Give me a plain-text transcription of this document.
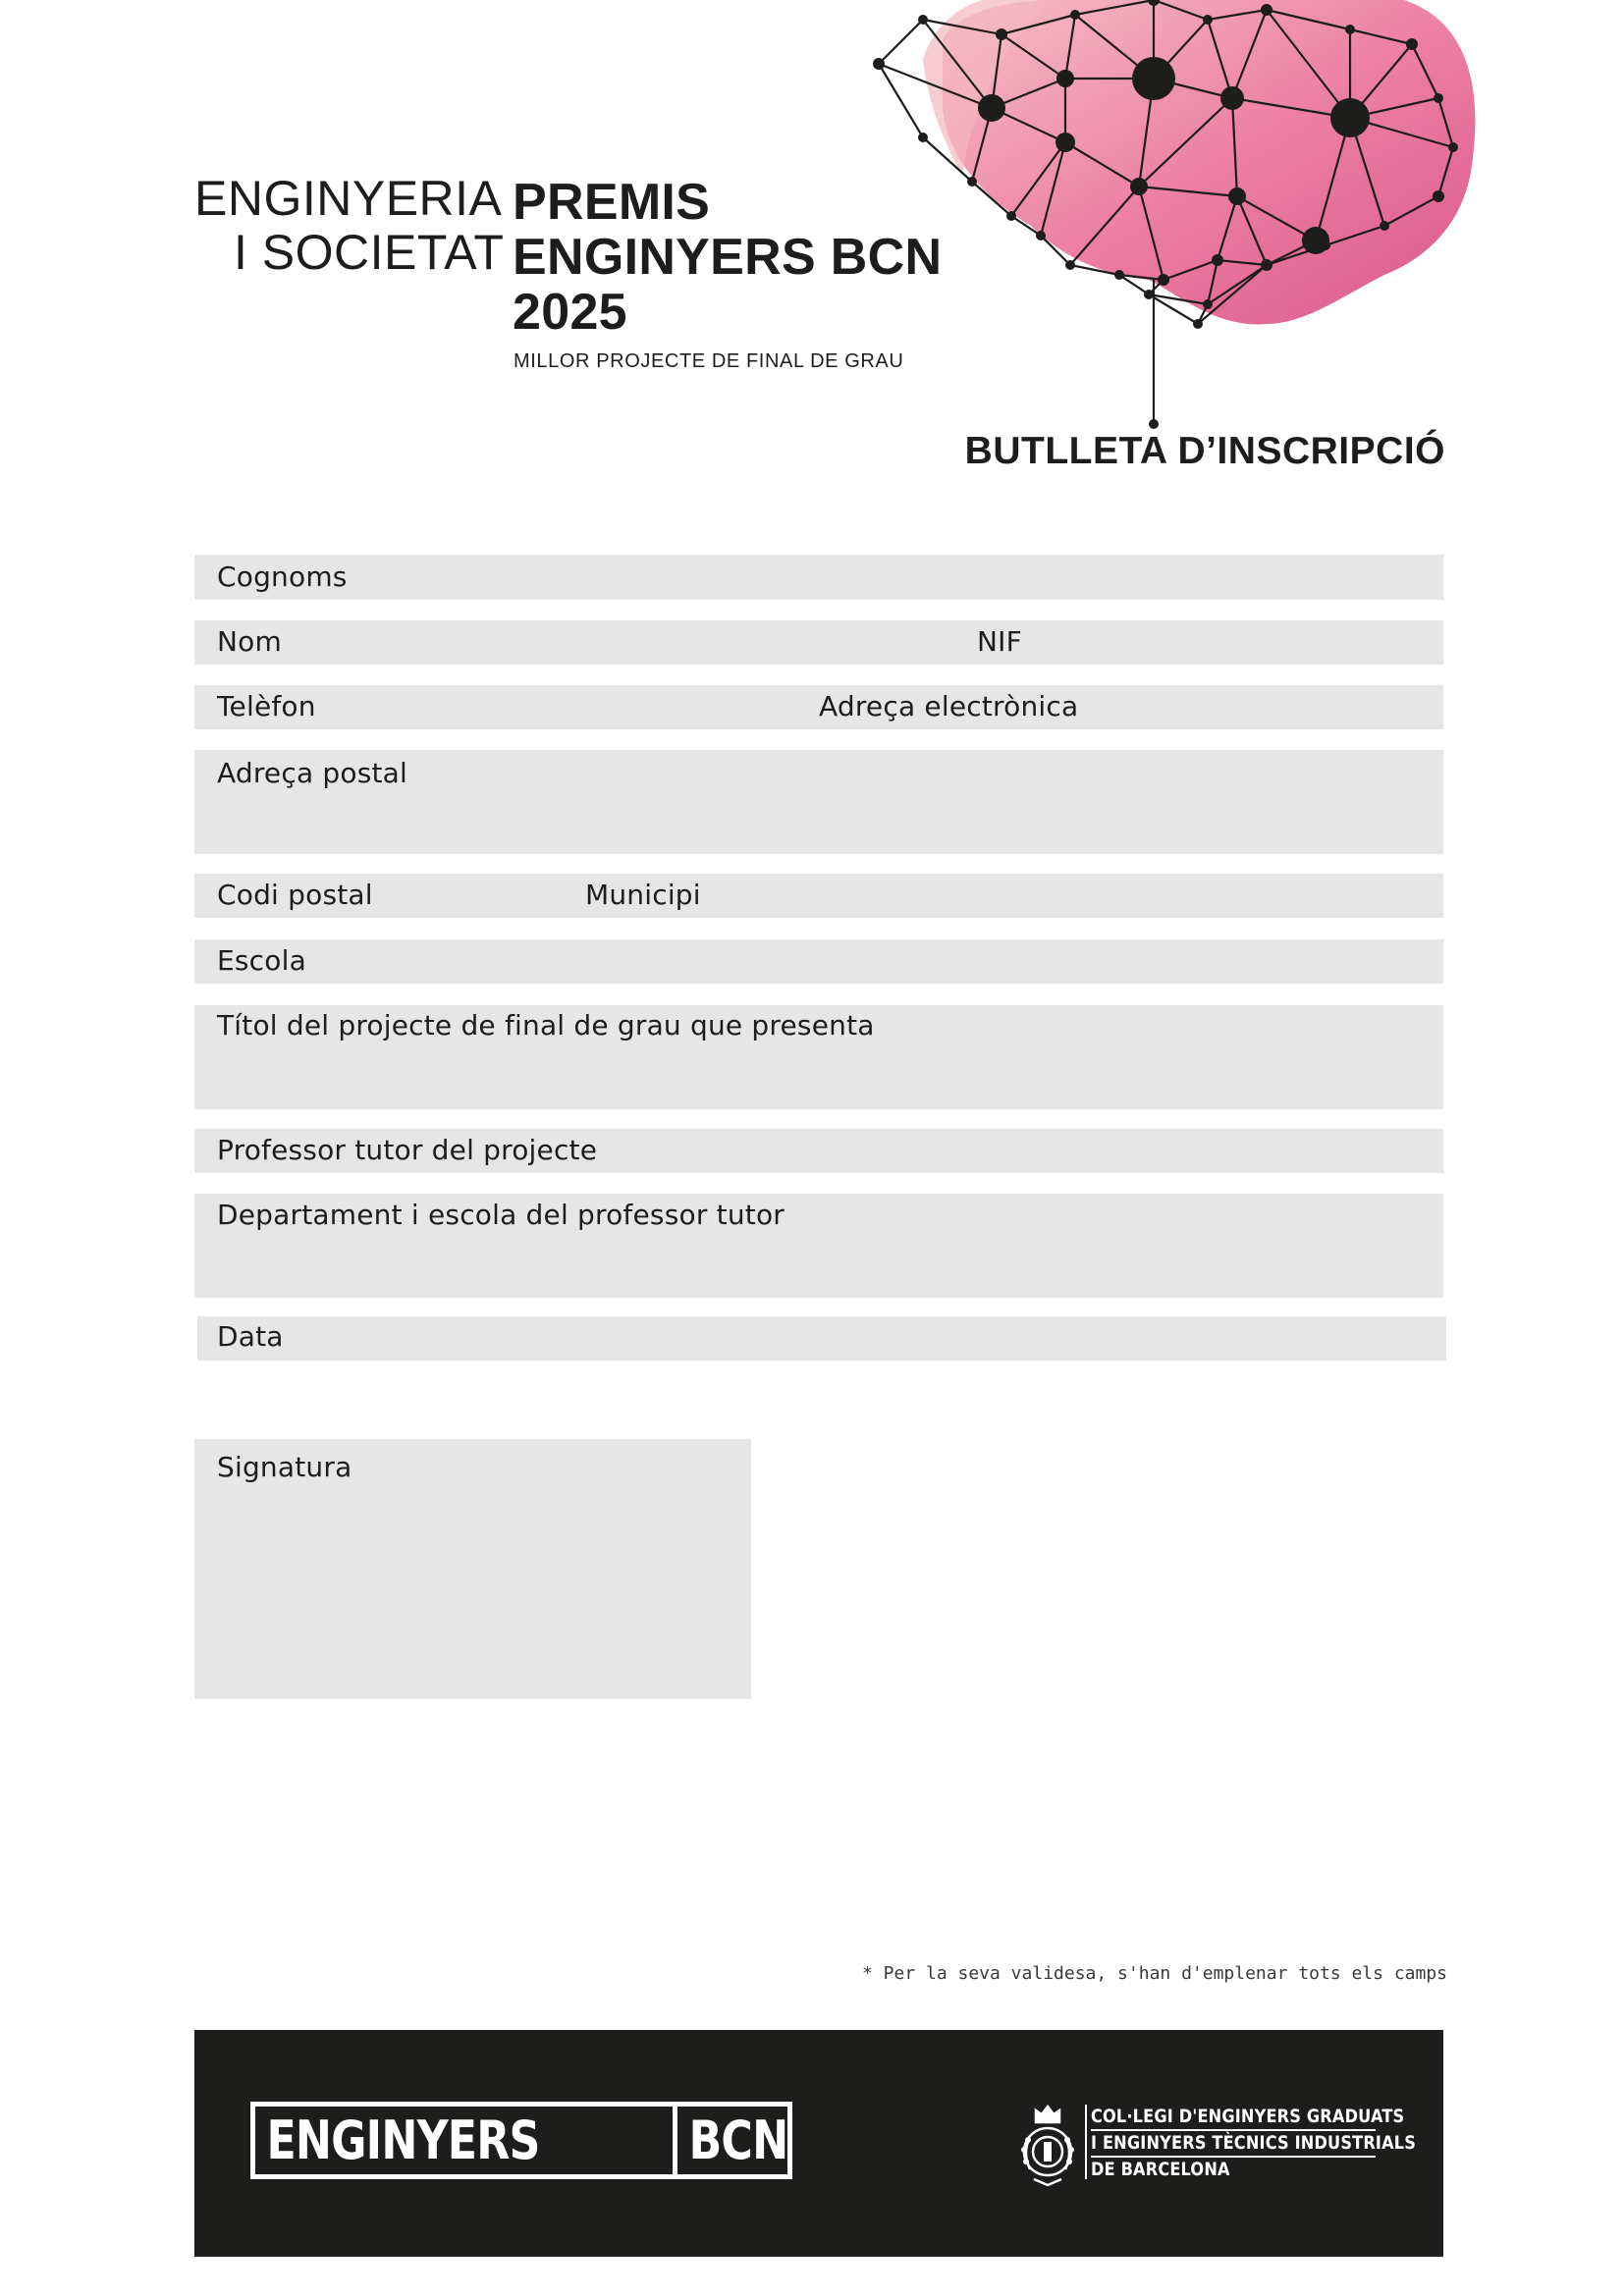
ENGINYERIA
I SOCIETAT
PREMIS
ENGINYERS BCN
2025
MILLOR PROJECTE DE FINAL DE GRAU
BUTLLETA D’INSCRIPCIÓ
Cognoms
Nom	NIF
Telèfon	Adreça electrònica
Adreça postal
Codi postal	Municipi
Escola
Títol del projecte de final de grau que presenta
Professor tutor del projecte
Departament i escola del professor tutor
Data
Signatura
* Per la seva validesa, s'han d'emplenar tots els camps
ENGINYERS	BCN	COL·LEGI D'ENGINYERS GRADUATS
I ENGINYERS TÈCNICS INDUSTRIALS
DE BARCELONA
